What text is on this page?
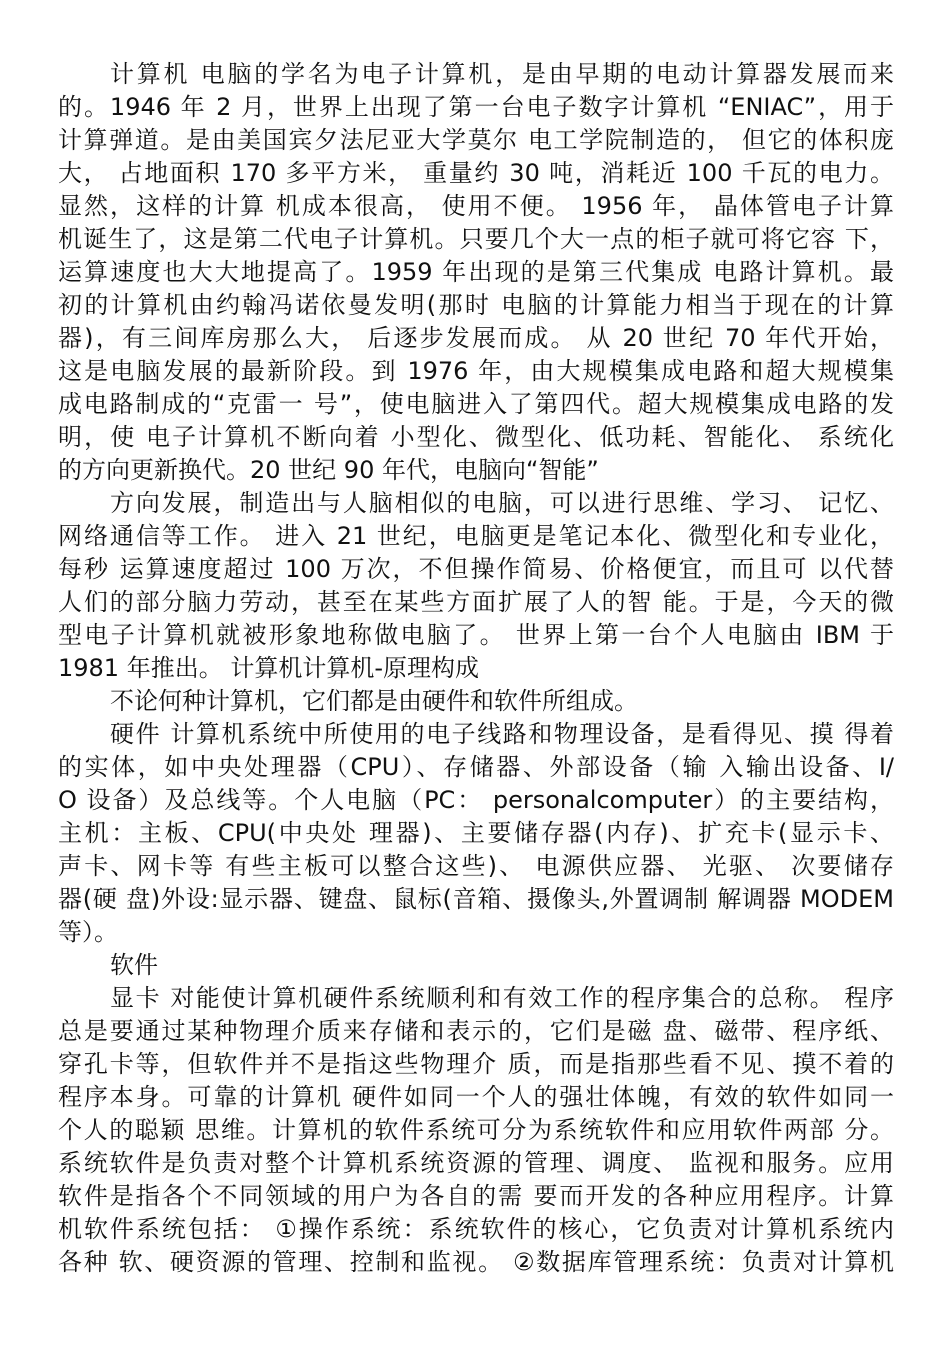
计算机 电脑的学名为电子计算机，是由早期的电动计算器发展而来
的。1946 年 2 月，世界上出现了第一台电子数字计算机 “ENIAC”，用于
计算弹道。是由美国宾夕法尼亚大学莫尔 电工学院制造的， 但它的体积庞
大， 占地面积 170 多平方米， 重量约 30 吨，消耗近 100 千瓦的电力。
显然，这样的计算 机成本很高， 使用不便。 1956 年， 晶体管电子计算
机诞生了，这是第二代电子计算机。只要几个大一点的柜子就可将它容 下，
运算速度也大大地提高了。1959 年出现的是第三代集成 电路计算机。最
初的计算机由约翰冯诺依曼发明(那时 电脑的计算能力相当于现在的计算
器)，有三间库房那么大， 后逐步发展而成。 从 20 世纪 70 年代开始，
这是电脑发展的最新阶段。到 1976 年，由大规模集成电路和超大规模集
成电路制成的“克雷一 号”，使电脑进入了第四代。超大规模集成电路的发
明，使 电子计算机不断向着 小型化、微型化、低功耗、智能化、 系统化
的方向更新换代。20 世纪 90 年代，电脑向“智能”
方向发展，制造出与人脑相似的电脑，可以进行思维、学习、 记忆、
网络通信等工作。 进入 21 世纪，电脑更是笔记本化、微型化和专业化，
每秒 运算速度超过 100 万次，不但操作简易、价格便宜，而且可 以代替
人们的部分脑力劳动，甚至在某些方面扩展了人的智 能。于是，今天的微
型电子计算机就被形象地称做电脑了。 世界上第一台个人电脑由 IBM 于
1981 年推出。 计算机计算机-原理构成
不论何种计算机，它们都是由硬件和软件所组成。
硬件 计算机系统中所使用的电子线路和物理设备，是看得见、摸 得着
的实体，如中央处理器（CPU）、存储器、外部设备（输 入输出设备、I/
O 设备）及总线等。个人电脑（PC： personalcomputer）的主要结构，
主机：主板、CPU(中央处 理器)、主要储存器(内存)、扩充卡(显示卡、
声卡、网卡等 有些主板可以整合这些)、 电源供应器、 光驱、 次要储存
器(硬 盘)外设:显示器、键盘、鼠标(音箱、摄像头,外置调制 解调器 MODEM
等）。
软件
显卡 对能使计算机硬件系统顺利和有效工作的程序集合的总称。 程序
总是要通过某种物理介质来存储和表示的，它们是磁 盘、磁带、程序纸、
穿孔卡等，但软件并不是指这些物理介 质，而是指那些看不见、摸不着的
程序本身。可靠的计算机 硬件如同一个人的强壮体魄，有效的软件如同一
个人的聪颖 思维。计算机的软件系统可分为系统软件和应用软件两部 分。
系统软件是负责对整个计算机系统资源的管理、调度、 监视和服务。应用
软件是指各个不同领域的用户为各自的需 要而开发的各种应用程序。计算
机软件系统包括： ①操作系统：系统软件的核心，它负责对计算机系统内
各种 软、硬资源的管理、控制和监视。 ②数据库管理系统：负责对计算机
